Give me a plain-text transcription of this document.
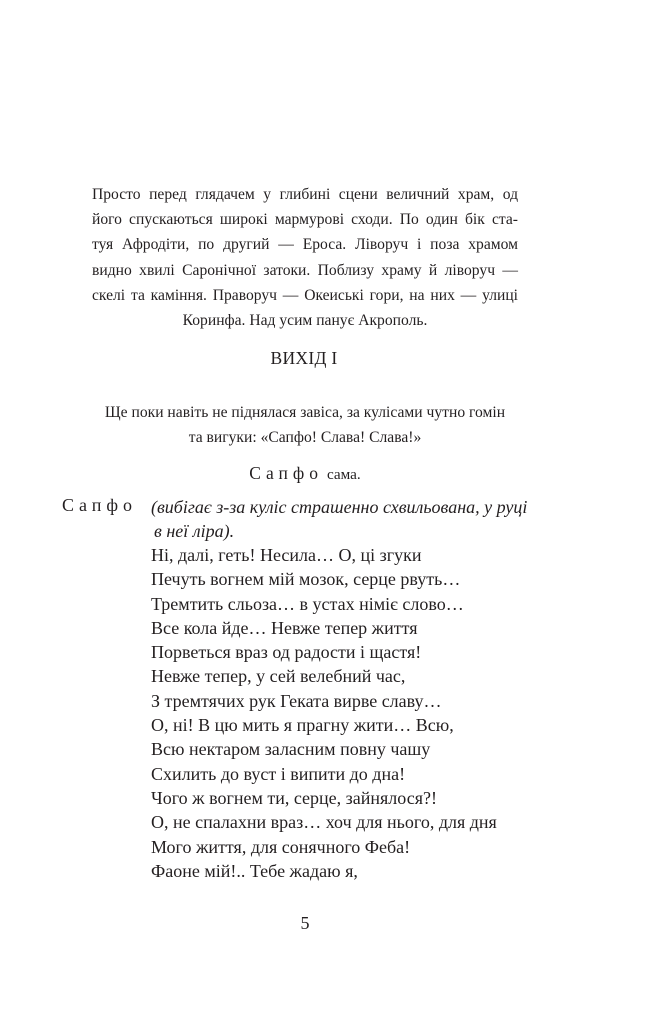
Просто перед глядачем у глибині сцени величний храм, од
його спускаються широкі мармурові сходи. По один бік ста-
туя Афродіти, по другий — Ероса. Ліворуч і поза храмом
видно хвилі Саронічної затоки. Поблизу храму й ліворуч —
скелі та каміння. Праворуч — Океиські гори, на них — улиці
Коринфа. Над усим панує Акрополь.
ВИХІД І
Ще поки навіть не піднялася завіса, за кулісами чутно гомін
та вигуки: «Сапфо! Слава! Слава!»
Сапфо сама.
Сапфо (вибігає з-за куліс страшенно схвильована, у руці
в неї ліра).
Ні, далі, геть! Несила… О, ці згуки
Печуть вогнем мій мозок, серце рвуть…
Тремтить сльоза… в устах німіє слово…
Все кола йде… Невже тепер життя
Порветься враз од радости і щастя!
Невже тепер, у сей велебний час,
З тремтячих рук Геката вирве славу…
О, ні! В цю мить я прагну жити… Всю,
Всю нектаром заласним повну чашу
Схилить до вуст і випити до дна!
Чого ж вогнем ти, серце, зайнялося?!
О, не спалахни враз… хоч для нього, для дня
Мого життя, для сонячного Феба!
Фаоне мій!.. Тебе жадаю я,
5
